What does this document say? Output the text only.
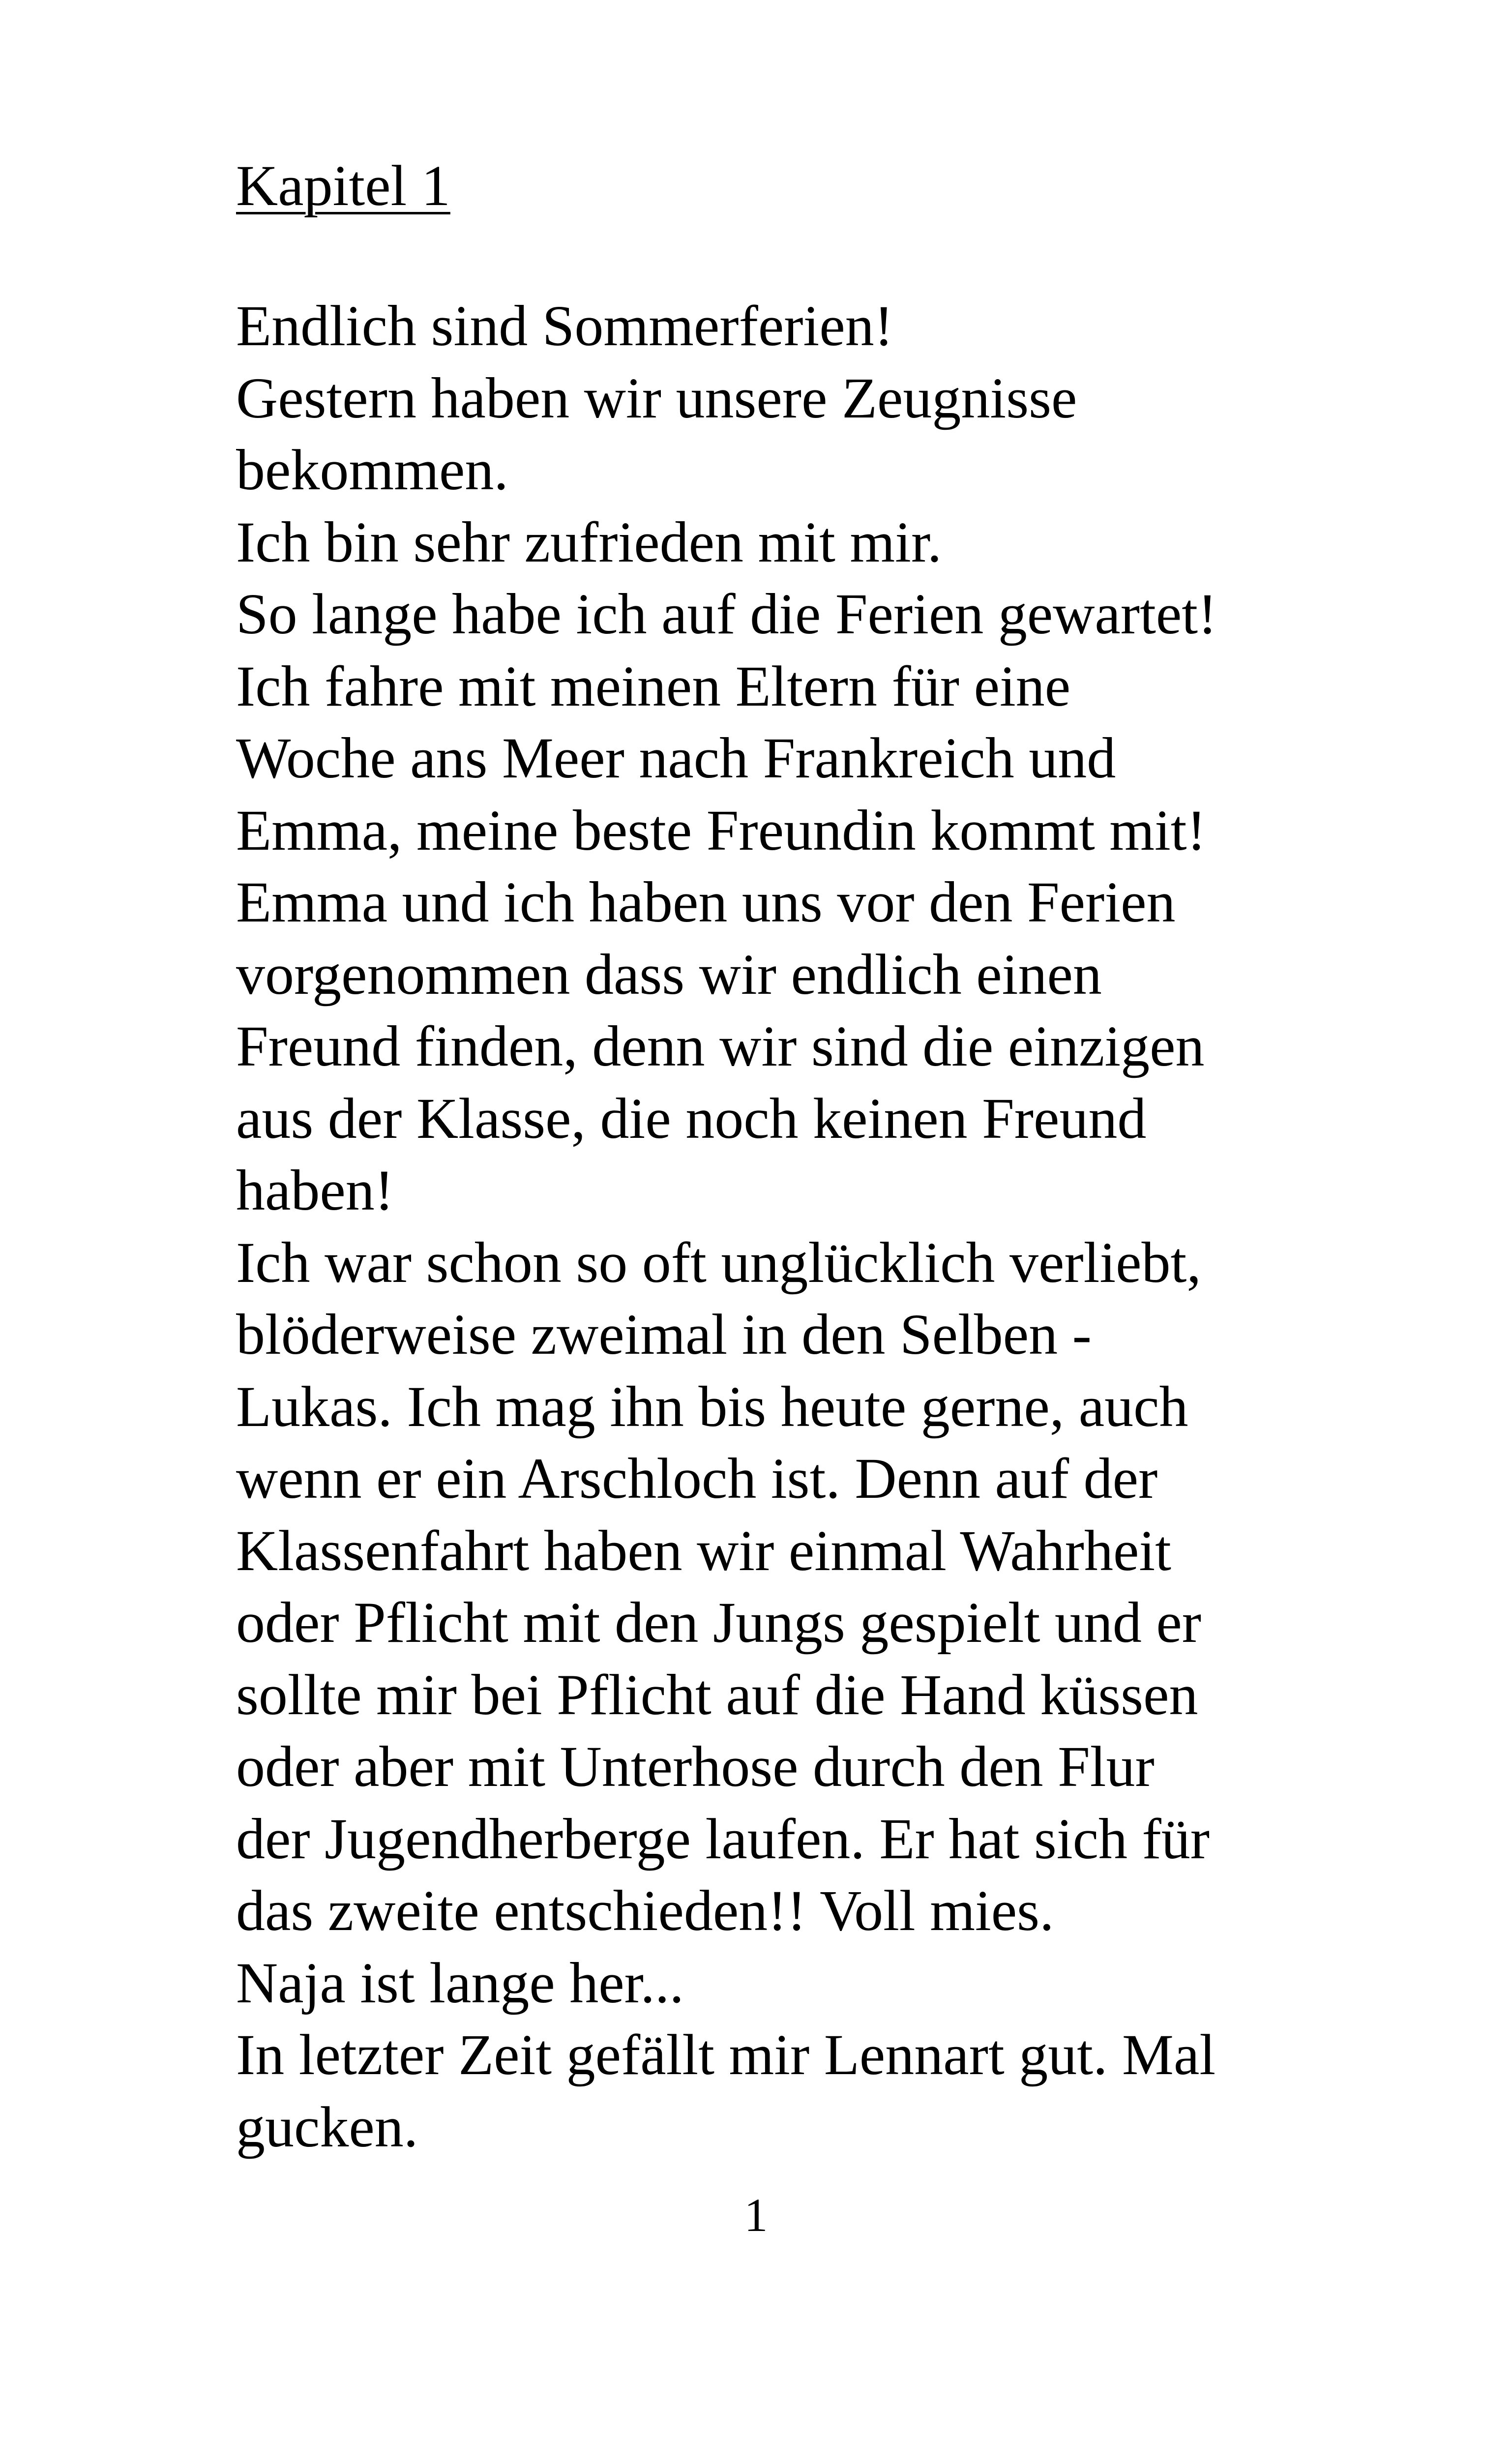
Kapitel 1
Endlich sind Sommerferien!
Gestern haben wir unsere Zeugnisse
bekommen.
Ich bin sehr zufrieden mit mir.
So lange habe ich auf die Ferien gewartet!
Ich fahre mit meinen Eltern für eine
Woche ans Meer nach Frankreich und
Emma, meine beste Freundin kommt mit!
Emma und ich haben uns vor den Ferien
vorgenommen dass wir endlich einen
Freund finden, denn wir sind die einzigen
aus der Klasse, die noch keinen Freund
haben!
Ich war schon so oft unglücklich verliebt,
blöderweise zweimal in den Selben -
Lukas. Ich mag ihn bis heute gerne, auch
wenn er ein Arschloch ist. Denn auf der
Klassenfahrt haben wir einmal Wahrheit
oder Pflicht mit den Jungs gespielt und er
sollte mir bei Pflicht auf die Hand küssen
oder aber mit Unterhose durch den Flur
der Jugendherberge laufen. Er hat sich für
das zweite entschieden!! Voll mies.
Naja ist lange her...
In letzter Zeit gefällt mir Lennart gut. Mal
gucken.
1
